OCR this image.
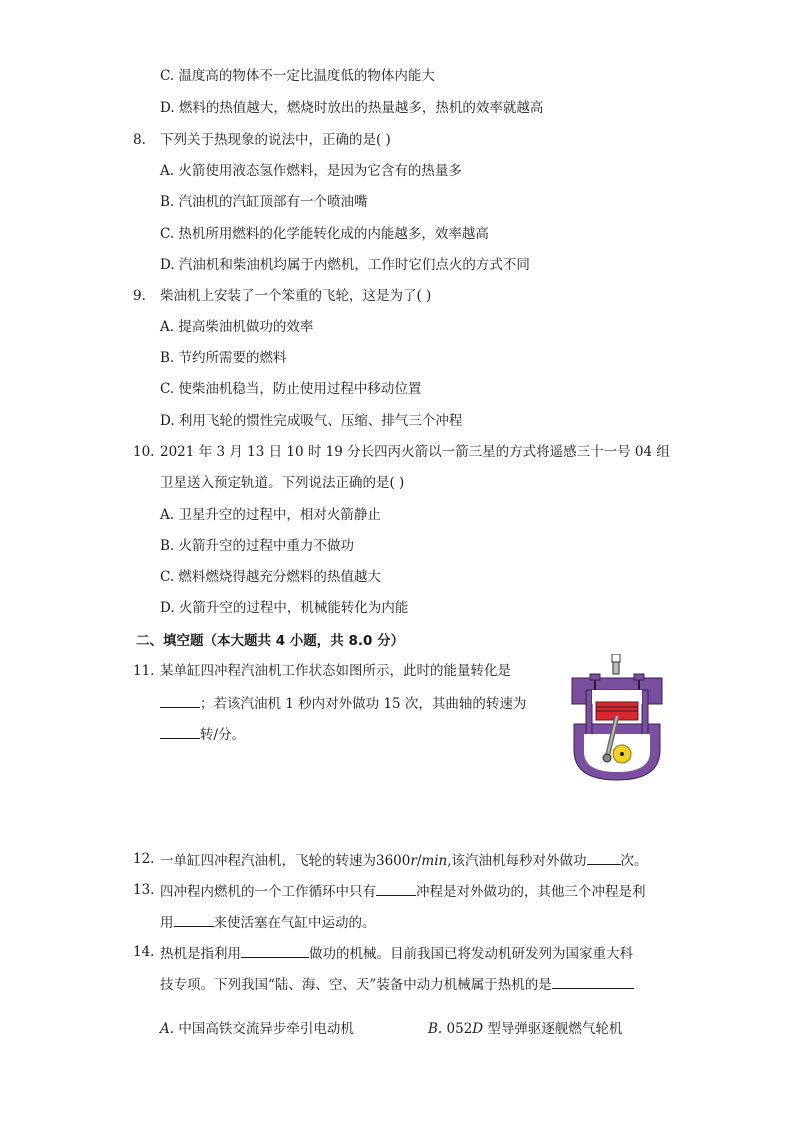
C. 温度高的物体不一定比温度低的物体内能大
D. 燃料的热值越大，燃烧时放出的热量越多，热机的效率就越高
8. 下列关于热现象的说法中，正确的是( )
A. 火箭使用液态氢作燃料，是因为它含有的热量多
B. 汽油机的汽缸顶部有一个喷油嘴
C. 热机所用燃料的化学能转化成的内能越多，效率越高
D. 汽油机和柴油机均属于内燃机，工作时它们点火的方式不同
9. 柴油机上安装了一个笨重的飞轮，这是为了( )
A. 提高柴油机做功的效率
B. 节约所需要的燃料
C. 使柴油机稳当，防止使用过程中移动位置
D. 利用飞轮的惯性完成吸气、压缩、排气三个冲程
10. 2021 年 3 月 13 日 10 时 19 分长四丙火箭以一箭三星的方式将遥感三十一号 04 组
卫星送入预定轨道。下列说法正确的是( )
A. 卫星升空的过程中，相对火箭静止
B. 火箭升空的过程中重力不做功
C. 燃料燃烧得越充分燃料的热值越大
D. 火箭升空的过程中，机械能转化为内能
二、填空题（本大题共 4 小题，共 8.0 分）
11. 某单缸四冲程汽油机工作状态如图所示，此时的能量转化是
；若该汽油机 1 秒内对外做功 15 次，其曲轴的转速为
转/分。
12. 一单缸四冲程汽油机，飞轮的转速为3600r/min,该汽油机每秒对外做功	次。
13. 四冲程内燃机的一个工作循环中只有	冲程是对外做功的，其他三个冲程是利
用	来使活塞在气缸中运动的。
14. 热机是指利用	做功的机械。目前我国已将发动机研发列为国家重大科
技专项。下列我国“陆、海、空、天”装备中动力机械属于热机的是
A. 中国高铁交流异步牵引电动机	B. 052D 型导弹驱逐舰燃气轮机
